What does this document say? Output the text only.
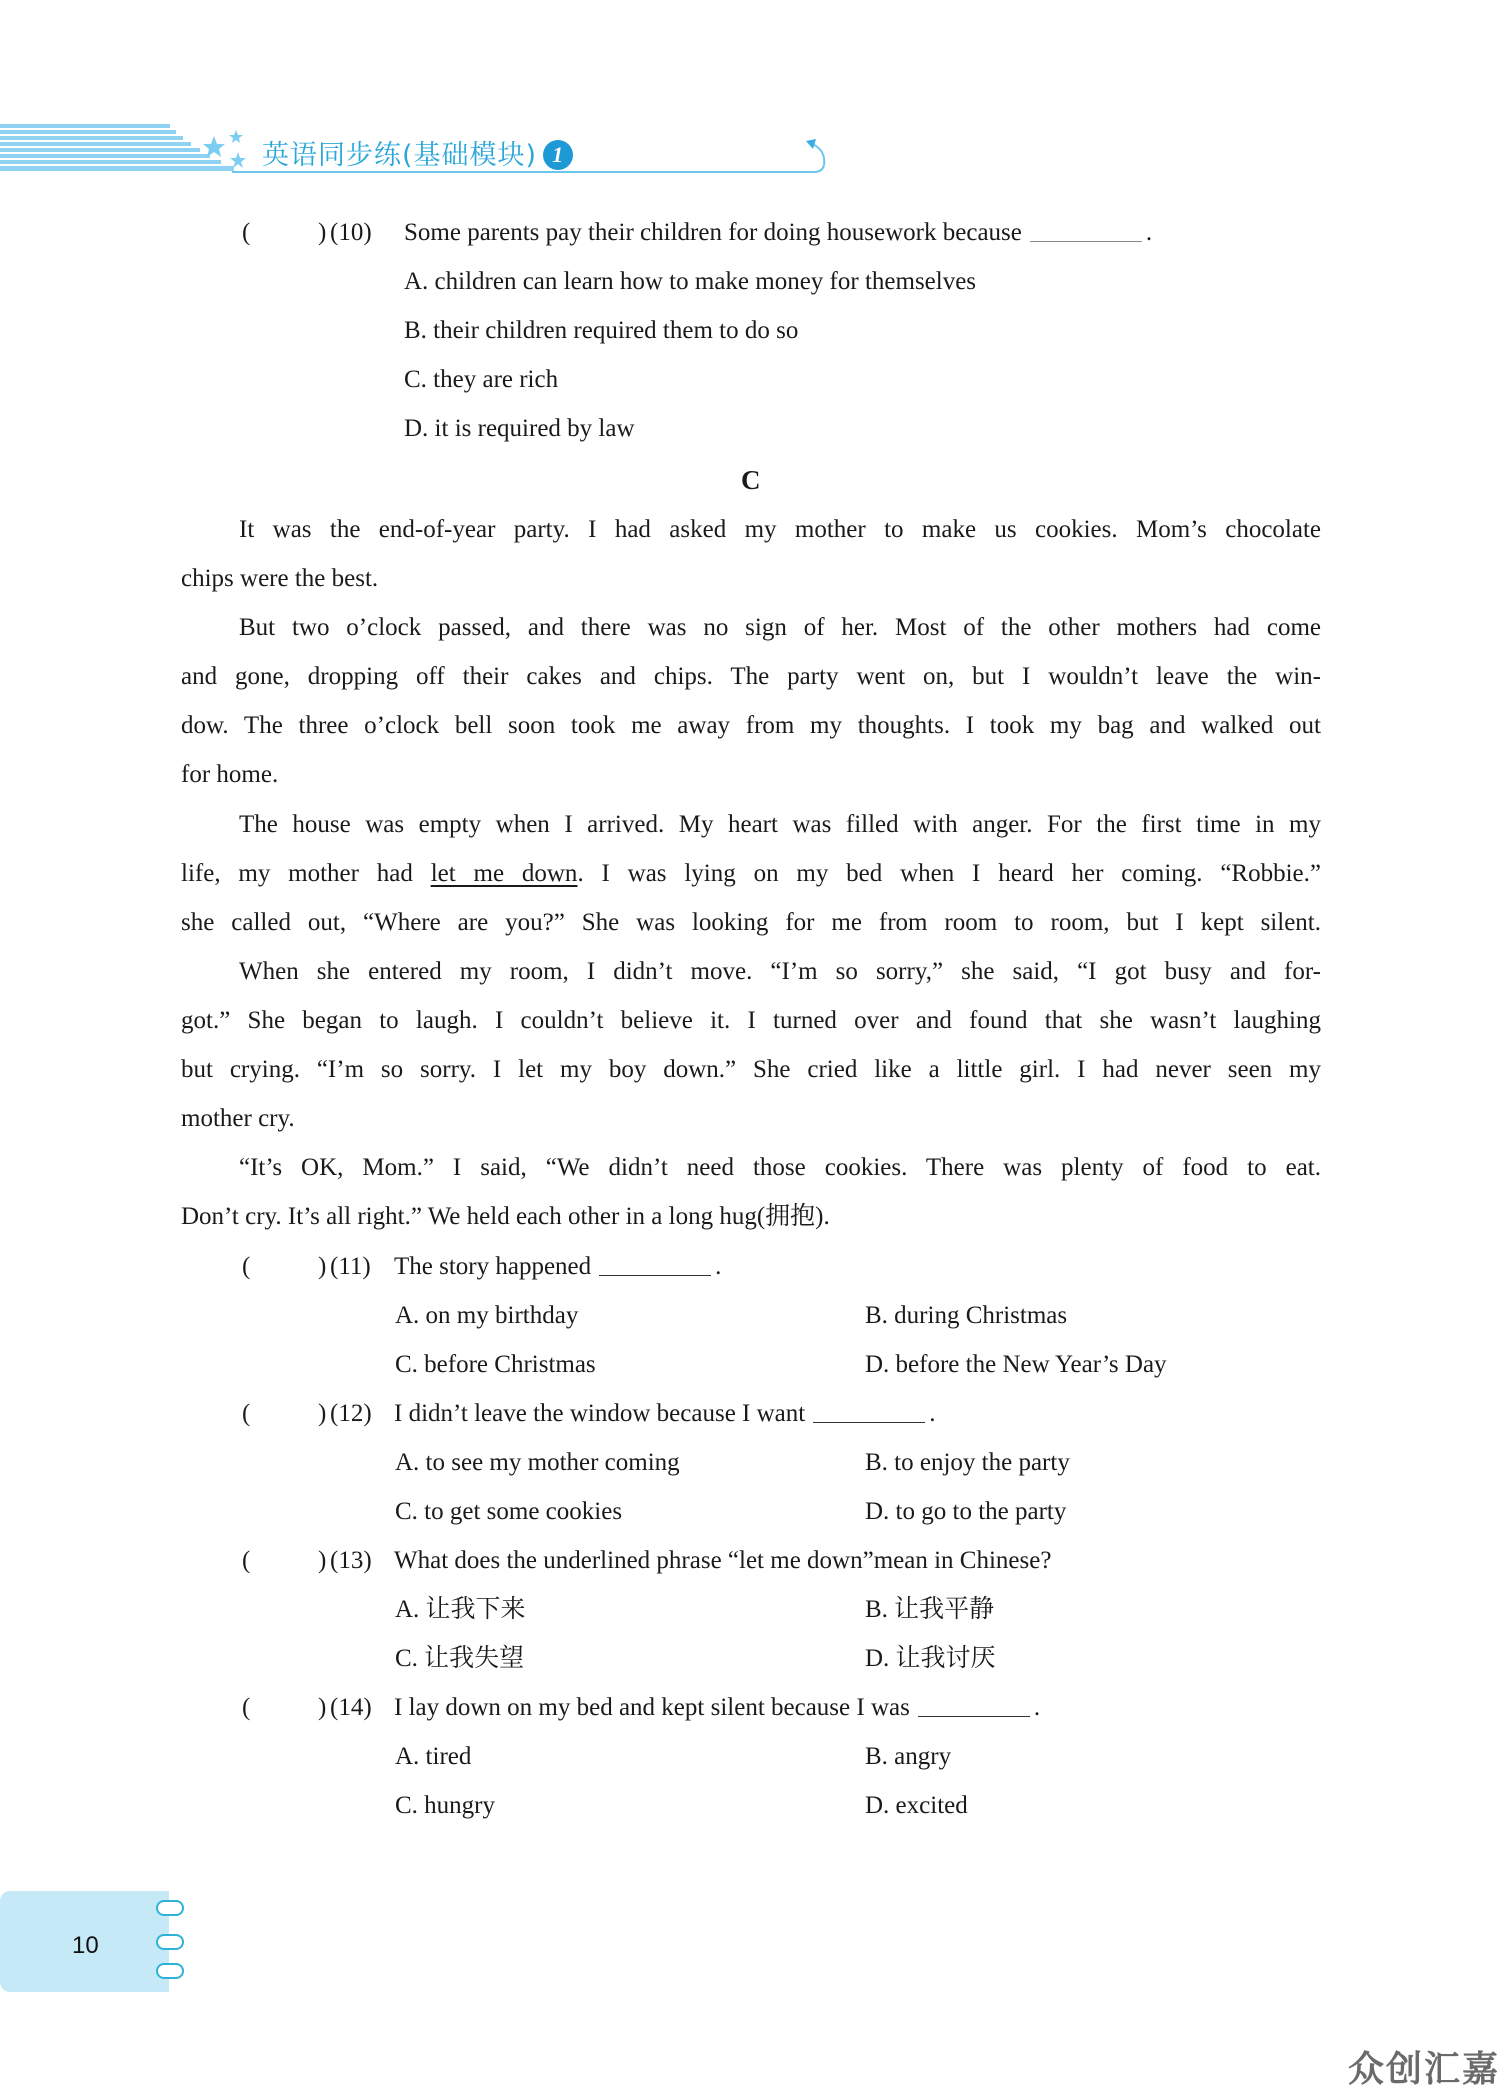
英语同步练(基础模块) 1
(	) (10) Some parents pay their children for doing housework because	.
A. children can learn how to make money for themselves
B. their children required them to do so
C. they are rich
D. it is required by law
C
It was the end-of-year party. I had asked my mother to make us cookies. Mom’s chocolate
chips were the best.
But two o’clock passed, and there was no sign of her. Most of the other mothers had come
and gone, dropping off their cakes and chips. The party went on, but I wouldn’t leave the win-
dow. The three o’clock bell soon took me away from my thoughts. I took my bag and walked out
for home.
The house was empty when I arrived. My heart was filled with anger. For the first time in my
life, my mother had let me down. I was lying on my bed when I heard her coming. “Robbie.”
she called out, “Where are you?” She was looking for me from room to room, but I kept silent.
When she entered my room, I didn’t move. “I’m so sorry,” she said, “I got busy and for-
got.” She began to laugh. I couldn’t believe it. I turned over and found that she wasn’t laughing
but crying. “I’m so sorry. I let my boy down.” She cried like a little girl. I had never seen my
mother cry.
“It’s OK, Mom.” I said, “We didn’t need those cookies. There was plenty of food to eat.
Don’t cry. It’s all right.” We held each other in a long hug(拥抱).
(	) (11) The story happened	.
A. on my birthday	B. during Christmas
C. before Christmas	D. before the New Year’s Day
(	) (12) I didn’t leave the window because I want	.
A. to see my mother coming	B. to enjoy the party
C. to get some cookies	D. to go to the party
(	) (13) What does the underlined phrase “let me down”mean in Chinese?
A. 让我下来	B. 让我平静
C. 让我失望	D. 让我讨厌
(	) (14) I lay down on my bed and kept silent because I was	.
A. tired	B. angry
C. hungry	D. excited
10
众创汇嘉
